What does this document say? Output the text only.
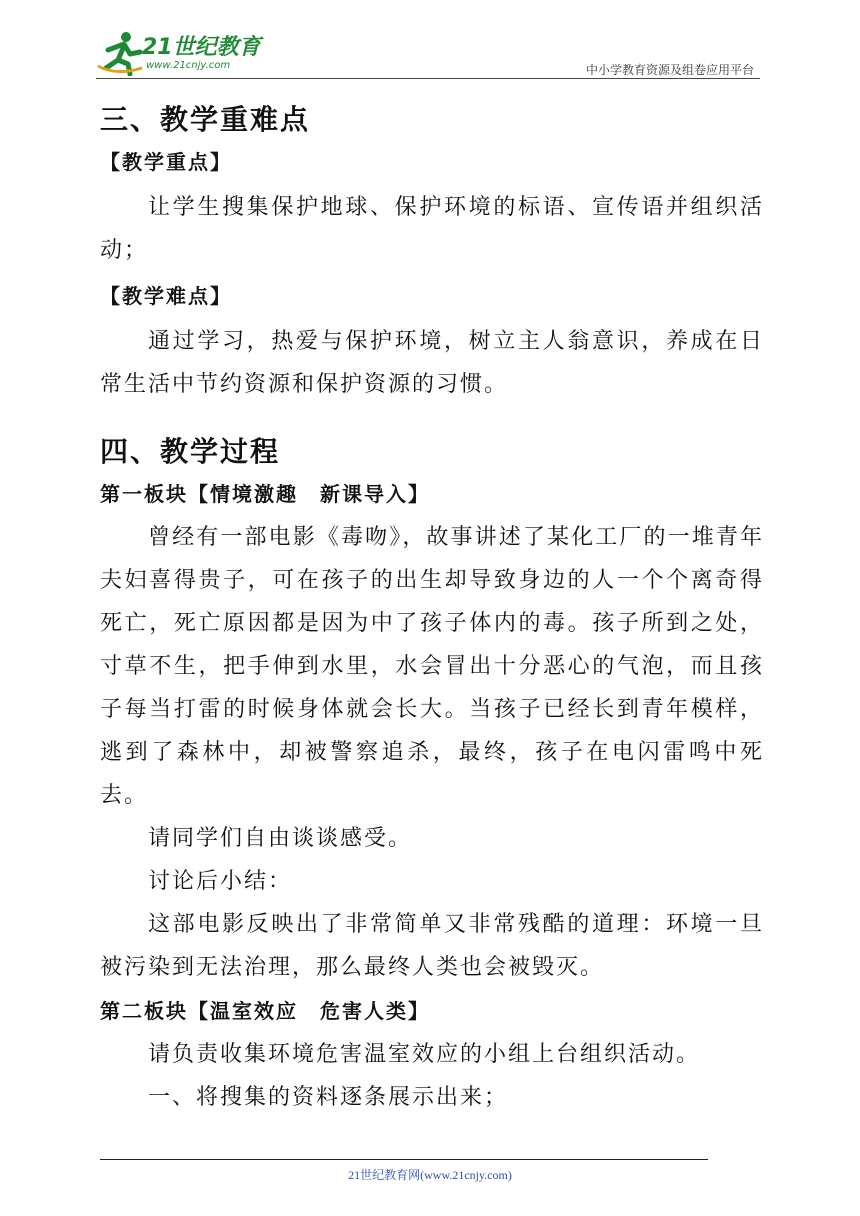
21世纪教育
www.21cnjy.com	中小学教育资源及组卷应用平台
三、教学重难点
【教学重点】

让学生搜集保护地球、保护环境的标语、宣传语并组织活动；

【教学难点】

通过学习，热爱与保护环境，树立主人翁意识，养成在日常生活中节约资源和保护资源的习惯。

四、教学过程
第一板块【情境激趣　新课导入】

曾经有一部电影《毒吻》，故事讲述了某化工厂的一堆青年夫妇喜得贵子，可在孩子的出生却导致身边的人一个个离奇得死亡，死亡原因都是因为中了孩子体内的毒。孩子所到之处，寸草不生，把手伸到水里，水会冒出十分恶心的气泡，而且孩子每当打雷的时候身体就会长大。当孩子已经长到青年模样，逃到了森林中，却被警察追杀，最终，孩子在电闪雷鸣中死去。

请同学们自由谈谈感受。

讨论后小结：

这部电影反映出了非常简单又非常残酷的道理：环境一旦被污染到无法治理，那么最终人类也会被毁灭。

第二板块【温室效应　危害人类】

请负责收集环境危害温室效应的小组上台组织活动。

一、将搜集的资料逐条展示出来；

21世纪教育网(www.21cnjy.com)
